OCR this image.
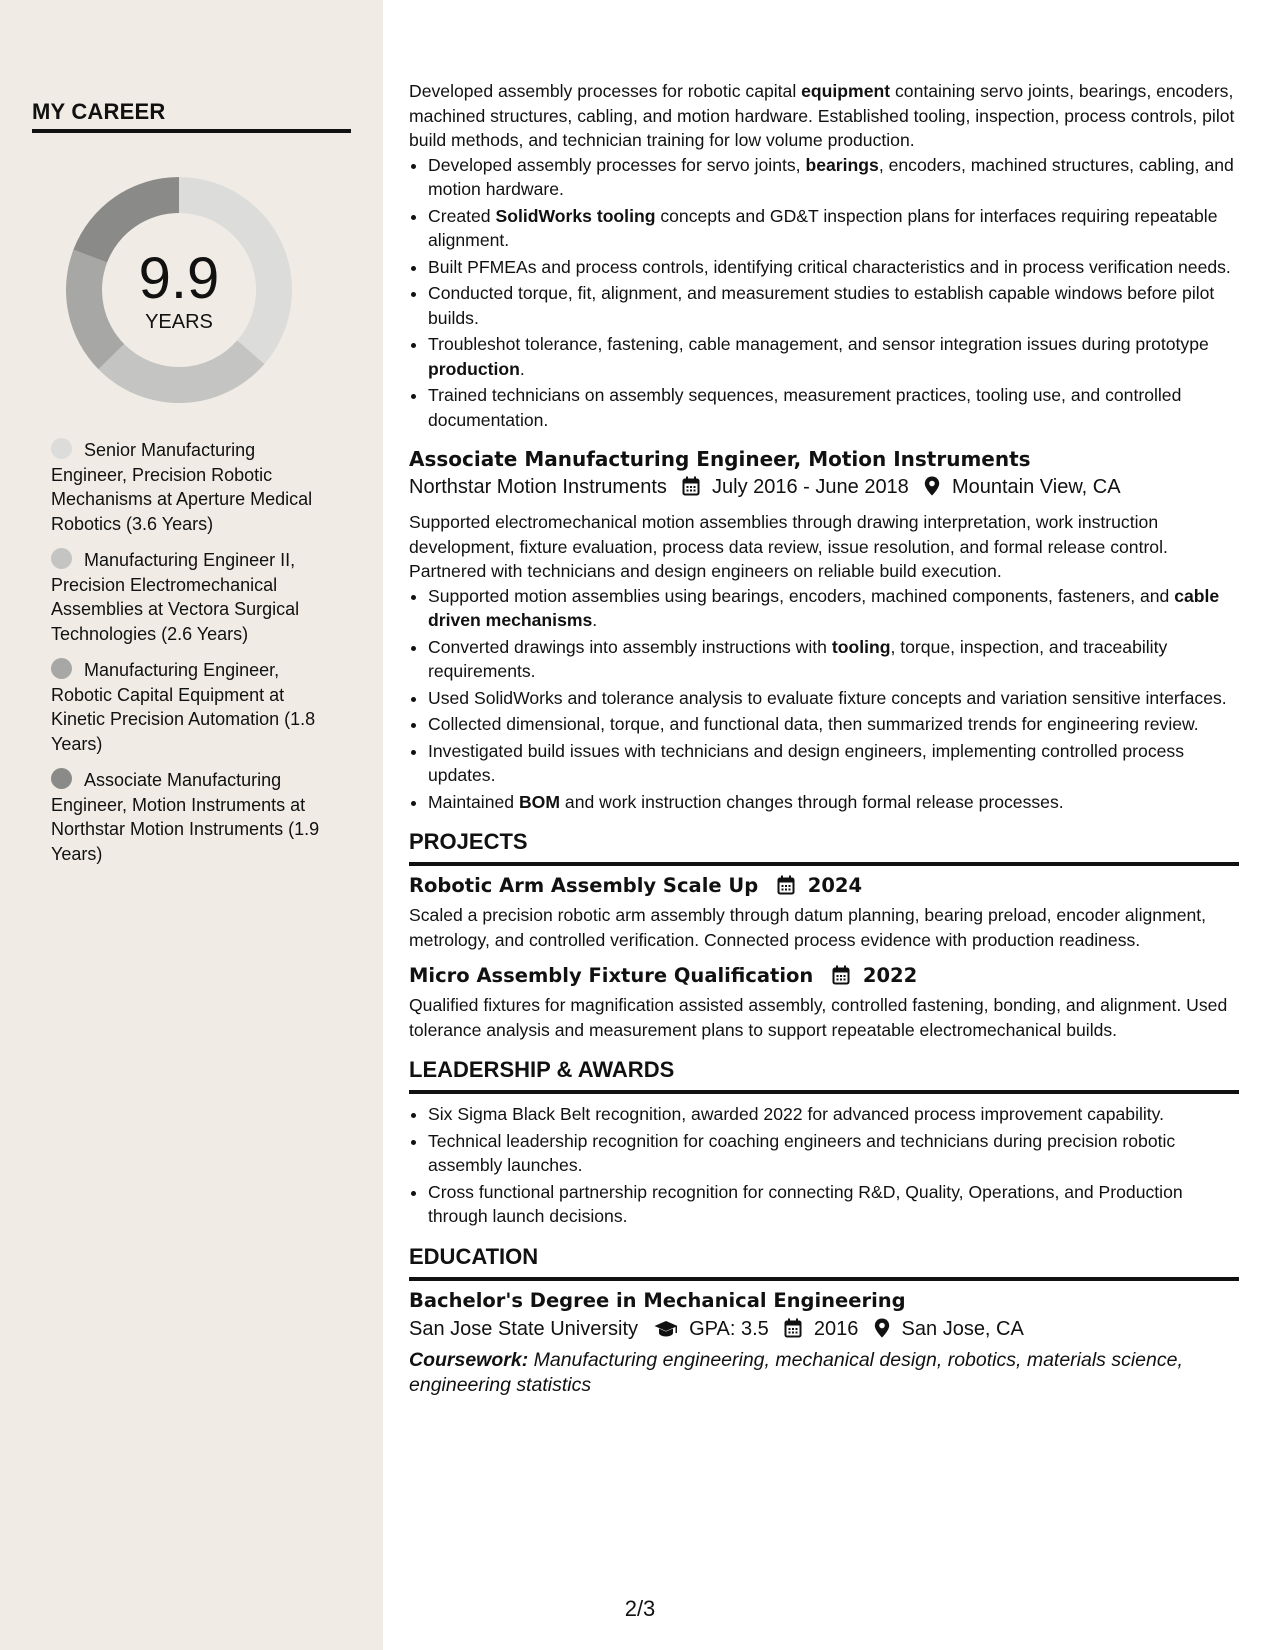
MY CAREER
9.9
YEARS
Senior Manufacturing Engineer, Precision Robotic Mechanisms at Aperture Medical Robotics (3.6 Years)
Manufacturing Engineer II, Precision Electromechanical Assemblies at Vectora Surgical Technologies (2.6 Years)
Manufacturing Engineer, Robotic Capital Equipment at Kinetic Precision Automation (1.8 Years)
Associate Manufacturing Engineer, Motion Instruments at Northstar Motion Instruments (1.9 Years)

Developed assembly processes for robotic capital equipment containing servo joints, bearings, encoders, machined structures, cabling, and motion hardware. Established tooling, inspection, process controls, pilot build methods, and technician training for low volume production.

• Developed assembly processes for servo joints, bearings, encoders, machined structures, cabling, and motion hardware.
• Created SolidWorks tooling concepts and GD&T inspection plans for interfaces requiring repeatable alignment.
• Built PFMEAs and process controls, identifying critical characteristics and in process verification needs.
• Conducted torque, fit, alignment, and measurement studies to establish capable windows before pilot builds.
• Troubleshot tolerance, fastening, cable management, and sensor integration issues during prototype production.
• Trained technicians on assembly sequences, measurement practices, tooling use, and controlled documentation.
Associate Manufacturing Engineer, Motion Instruments
Northstar Motion Instruments July 2016 - June 2018 Mountain View, CA

Supported electromechanical motion assemblies through drawing interpretation, work instruction development, fixture evaluation, process data review, issue resolution, and formal release control. Partnered with technicians and design engineers on reliable build execution.

• Supported motion assemblies using bearings, encoders, machined components, fasteners, and cable driven mechanisms.
• Converted drawings into assembly instructions with tooling, torque, inspection, and traceability requirements.
• Used SolidWorks and tolerance analysis to evaluate fixture concepts and variation sensitive interfaces.
• Collected dimensional, torque, and functional data, then summarized trends for engineering review.
• Investigated build issues with technicians and design engineers, implementing controlled process updates.
• Maintained BOM and work instruction changes through formal release processes.
PROJECTS
Robotic Arm Assembly Scale Up	2024

Scaled a precision robotic arm assembly through datum planning, bearing preload, encoder alignment, metrology, and controlled verification. Connected process evidence with production readiness.

Micro Assembly Fixture Qualification	2022

Qualified fixtures for magnification assisted assembly, controlled fastening, bonding, and alignment. Used tolerance analysis and measurement plans to support repeatable electromechanical builds.

LEADERSHIP & AWARDS
• Six Sigma Black Belt recognition, awarded 2022 for advanced process improvement capability.
• Technical leadership recognition for coaching engineers and technicians during precision robotic assembly launches.
• Cross functional partnership recognition for connecting R&D, Quality, Operations, and Production through launch decisions.
EDUCATION
Bachelor's Degree in Mechanical Engineering
San Jose State University	GPA: 3.5 2016 San Jose, CA

Coursework: Manufacturing engineering, mechanical design, robotics, materials science, engineering statistics

2/3
